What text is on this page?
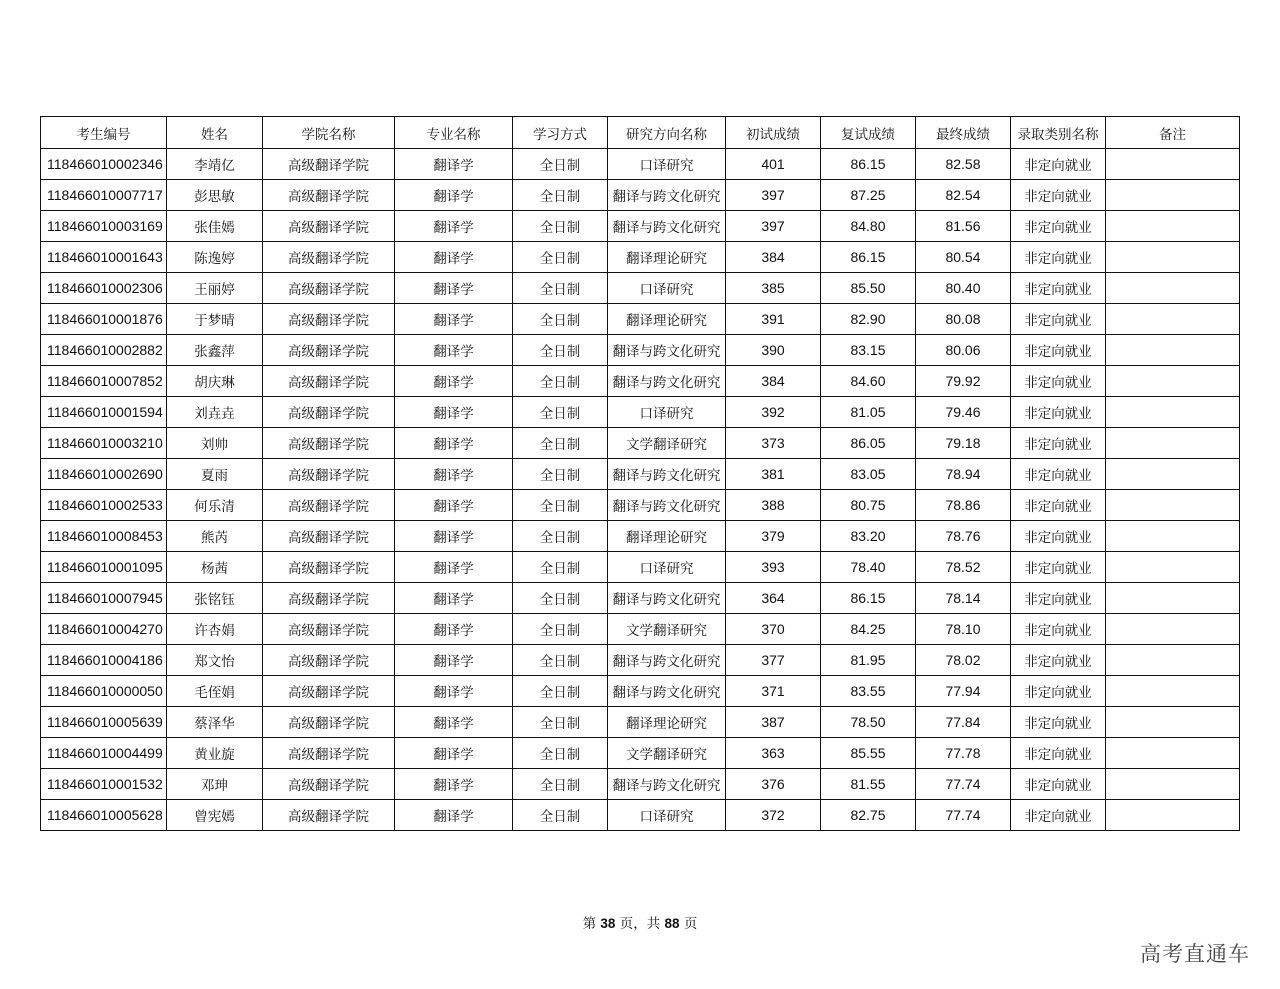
考生编号	姓名	学院名称	专业名称	学习方式	研究方向名称	初试成绩	复试成绩	最终成绩	录取类别名称	备注
118466010002346	李靖亿	高级翻译学院	翻译学	全日制	口译研究	401	86.15	82.58	非定向就业	
118466010007717	彭思敏	高级翻译学院	翻译学	全日制	翻译与跨文化研究	397	87.25	82.54	非定向就业	
118466010003169	张佳嫣	高级翻译学院	翻译学	全日制	翻译与跨文化研究	397	84.80	81.56	非定向就业	
118466010001643	陈逸婷	高级翻译学院	翻译学	全日制	翻译理论研究	384	86.15	80.54	非定向就业	
118466010002306	王丽婷	高级翻译学院	翻译学	全日制	口译研究	385	85.50	80.40	非定向就业	
118466010001876	于梦晴	高级翻译学院	翻译学	全日制	翻译理论研究	391	82.90	80.08	非定向就业	
118466010002882	张鑫萍	高级翻译学院	翻译学	全日制	翻译与跨文化研究	390	83.15	80.06	非定向就业	
118466010007852	胡庆琳	高级翻译学院	翻译学	全日制	翻译与跨文化研究	384	84.60	79.92	非定向就业	
118466010001594	刘垚垚	高级翻译学院	翻译学	全日制	口译研究	392	81.05	79.46	非定向就业	
118466010003210	刘帅	高级翻译学院	翻译学	全日制	文学翻译研究	373	86.05	79.18	非定向就业	
118466010002690	夏雨	高级翻译学院	翻译学	全日制	翻译与跨文化研究	381	83.05	78.94	非定向就业	
118466010002533	何乐清	高级翻译学院	翻译学	全日制	翻译与跨文化研究	388	80.75	78.86	非定向就业	
118466010008453	熊芮	高级翻译学院	翻译学	全日制	翻译理论研究	379	83.20	78.76	非定向就业	
118466010001095	杨茜	高级翻译学院	翻译学	全日制	口译研究	393	78.40	78.52	非定向就业	
118466010007945	张铭钰	高级翻译学院	翻译学	全日制	翻译与跨文化研究	364	86.15	78.14	非定向就业	
118466010004270	许杏娟	高级翻译学院	翻译学	全日制	文学翻译研究	370	84.25	78.10	非定向就业	
118466010004186	郑文怡	高级翻译学院	翻译学	全日制	翻译与跨文化研究	377	81.95	78.02	非定向就业	
118466010000050	毛侄娟	高级翻译学院	翻译学	全日制	翻译与跨文化研究	371	83.55	77.94	非定向就业	
118466010005639	蔡泽华	高级翻译学院	翻译学	全日制	翻译理论研究	387	78.50	77.84	非定向就业	
118466010004499	黄业旋	高级翻译学院	翻译学	全日制	文学翻译研究	363	85.55	77.78	非定向就业	
118466010001532	邓珅	高级翻译学院	翻译学	全日制	翻译与跨文化研究	376	81.55	77.74	非定向就业	
118466010005628	曾宪嫣	高级翻译学院	翻译学	全日制	口译研究	372	82.75	77.74	非定向就业	
第 38 页，共 88 页
高考直通车
